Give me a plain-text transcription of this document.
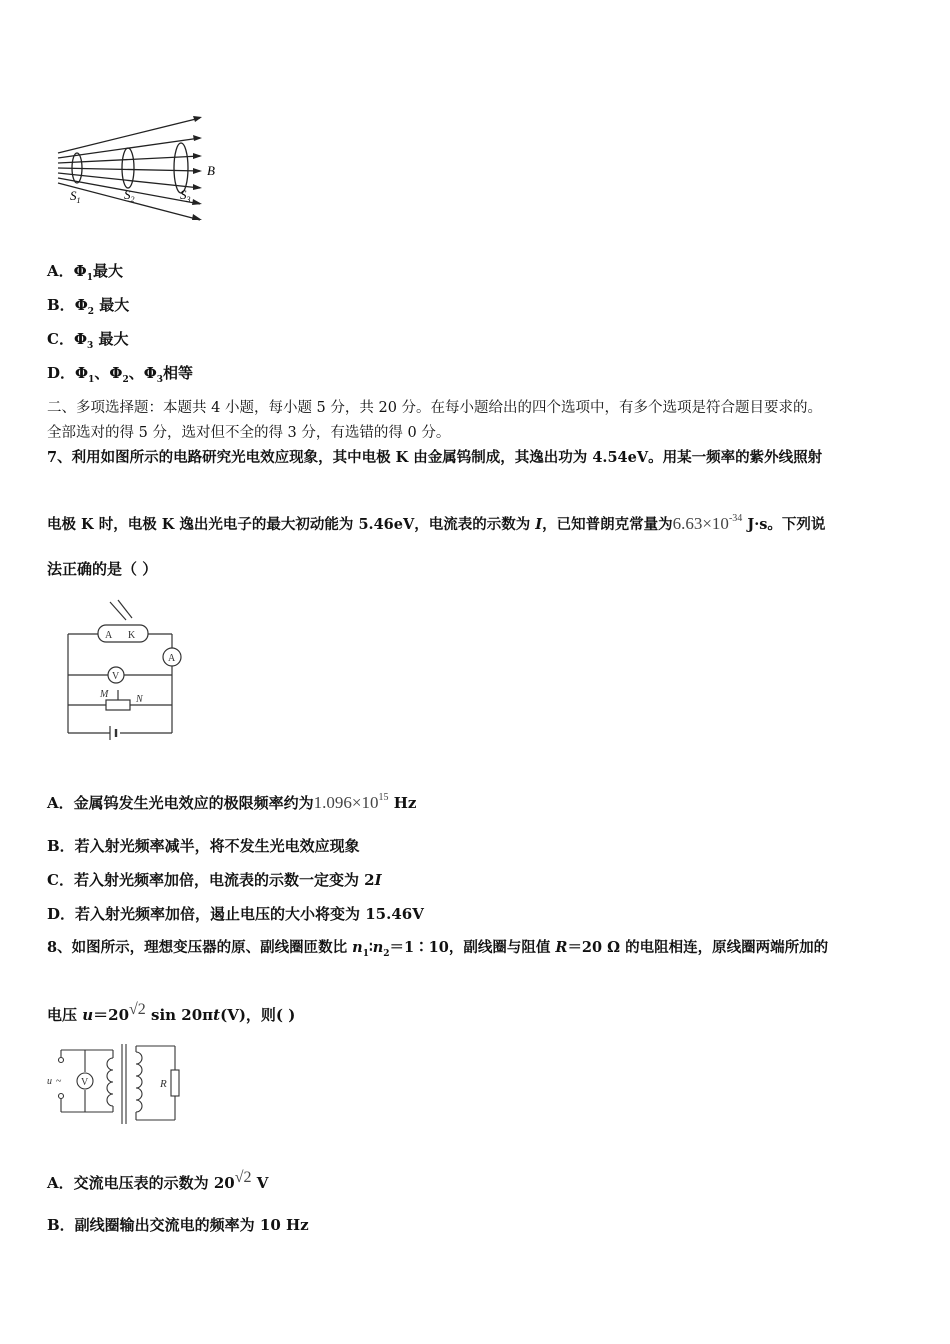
B
$S_1$	$S_2$	$S_3$
A．$\Phi_1$最大
B．$\Phi_2$ 最大
C．$\Phi_3$ 最大
D．$\Phi_1$、$\Phi_2$、$\Phi_3$相等
二、多项选择题：本题共 4 小题，每小题 5 分，共 20 分。在每小题给出的四个选项中，有多个选项是符合题目要求的。
全部选对的得 5 分，选对但不全的得 3 分，有选错的得 0 分。
7、利用如图所示的电路研究光电效应现象，其中电极 K 由金属钨制成，其逸出功为 4.54eV。用某一频率的紫外线照射
电极 K 时，电极 K 逸出光电子的最大初动能为 5.46eV，电流表的示数为 I，已知普朗克常量为$6.63\times 10^{-34}$ J·s。下列说
法正确的是（ ）
A K
V
A
M	N
A．金属钨发生光电效应的极限频率约为$1.096\times 10^{15}$ Hz
B．若入射光频率减半，将不发生光电效应现象
C．若入射光频率加倍，电流表的示数一定变为 2I
D．若入射光频率加倍，遏止电压的大小将变为 15.46V
8、如图所示，理想变压器的原、副线圈匝数比 $n_1∶n_2=1∶10$，副线圈与阻值 R＝20 Ω 的电阻相连，原线圈两端所加的
电压 u＝20√2 sin 20πt(V)，则( )
u ~ V	R
A．交流电压表的示数为 20√2 V
B．副线圈输出交流电的频率为 10 Hz
